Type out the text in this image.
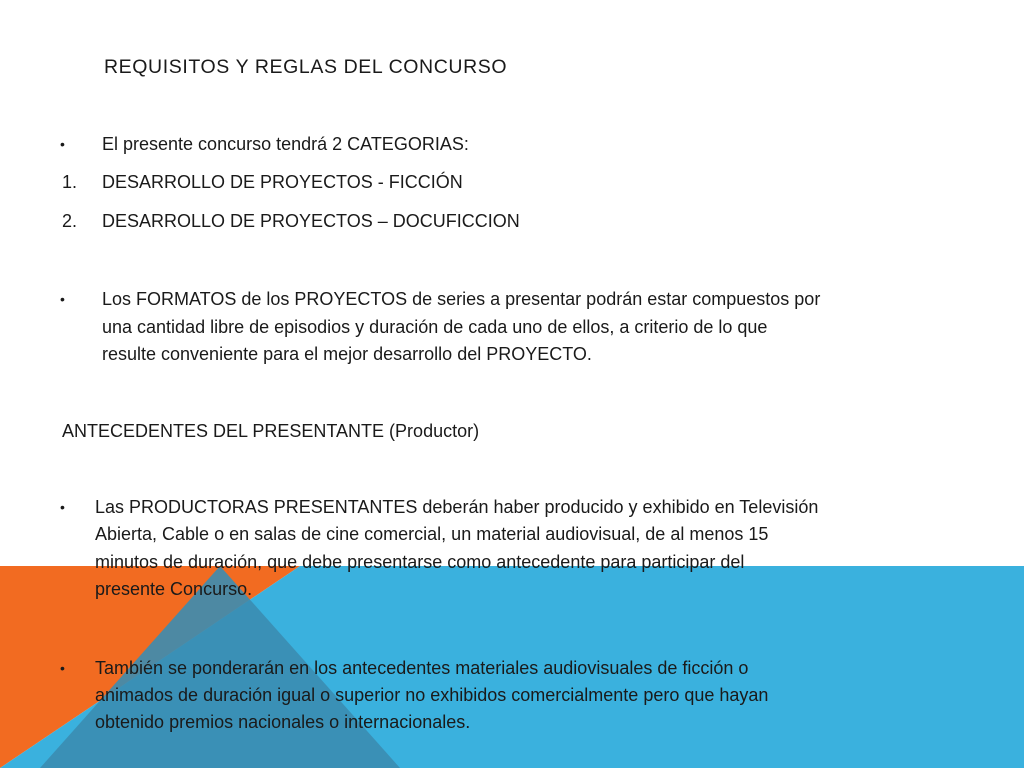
REQUISITOS Y REGLAS DEL CONCURSO
• El presente concurso tendrá 2 CATEGORIAS:
1. DESARROLLO DE PROYECTOS - FICCIÓN
2. DESARROLLO DE PROYECTOS – DOCUFICCION
• Los FORMATOS de los PROYECTOS de series a presentar podrán estar compuestos por
una cantidad libre de episodios y duración de cada uno de ellos, a criterio de lo que
resulte conveniente para el mejor desarrollo del PROYECTO.
ANTECEDENTES DEL PRESENTANTE (Productor)
• Las PRODUCTORAS PRESENTANTES deberán haber producido y exhibido en Televisión
Abierta, Cable o en salas de cine comercial, un material audiovisual, de al menos 15
minutos de duración, que debe presentarse como antecedente para participar del
presente Concurso.
• También se ponderarán en los antecedentes materiales audiovisuales de ficción o
animados de duración igual o superior no exhibidos comercialmente pero que hayan
obtenido premios nacionales o internacionales.
